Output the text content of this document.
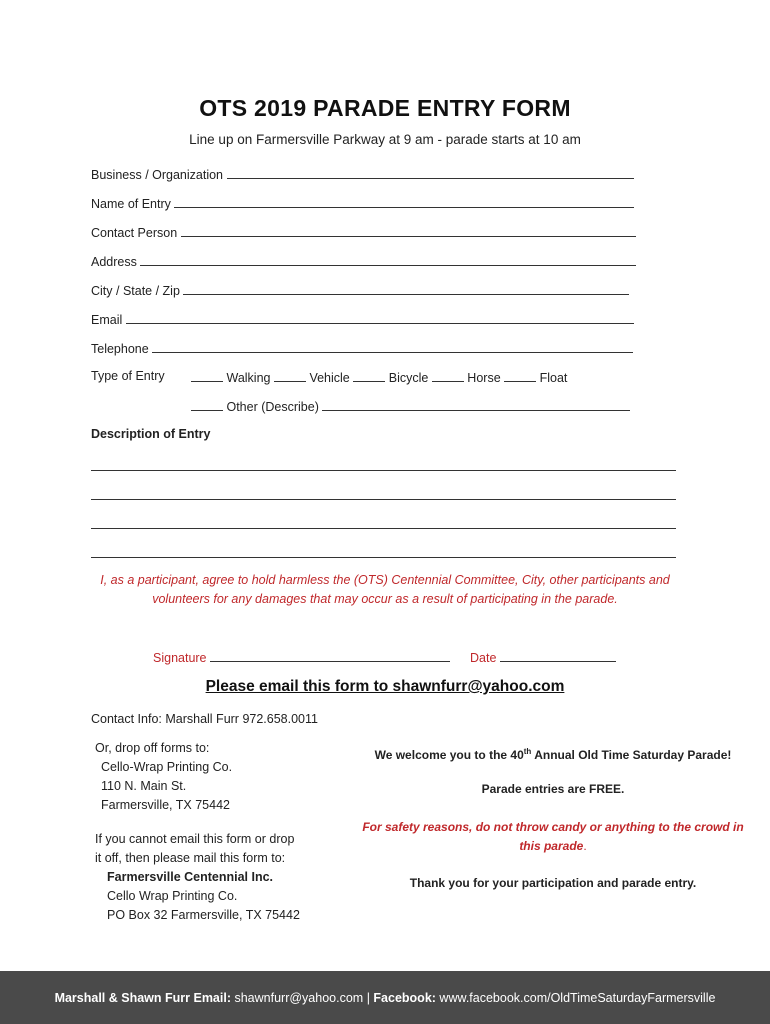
OTS 2019 PARADE ENTRY FORM
Line up on Farmersville Parkway at 9 am - parade starts at 10 am
Business / Organization
Name of Entry
Contact Person
Address
City / State / Zip
Email
Telephone
Type of Entry	Walking	Vehicle	Bicycle	Horse	Float
Other (Describe)
Description of Entry
I, as a participant, agree to hold harmless the (OTS) Centennial Committee, City, other participants and volunteers for any damages that may occur as a result of participating in the parade.
Signature	Date
Please email this form to shawnfurr@yahoo.com
Contact Info: Marshall Furr 972.658.0011
Or, drop off forms to:
Cello-Wrap Printing Co.
110 N. Main St.
Farmersville, TX 75442
If you cannot email this form or drop
it off, then please mail this form to:
Farmersville Centennial Inc.
Cello Wrap Printing Co.
PO Box 32 Farmersville, TX 75442
We welcome you to the 40th Annual Old Time Saturday Parade!
Parade entries are FREE.
For safety reasons, do not throw candy or anything to the crowd in
this parade.
Thank you for your participation and parade entry.
Marshall & Shawn Furr Email:
shawnfurr@yahoo.com
|
Facebook:
www.facebook.com/OldTimeSaturdayFarmersville
